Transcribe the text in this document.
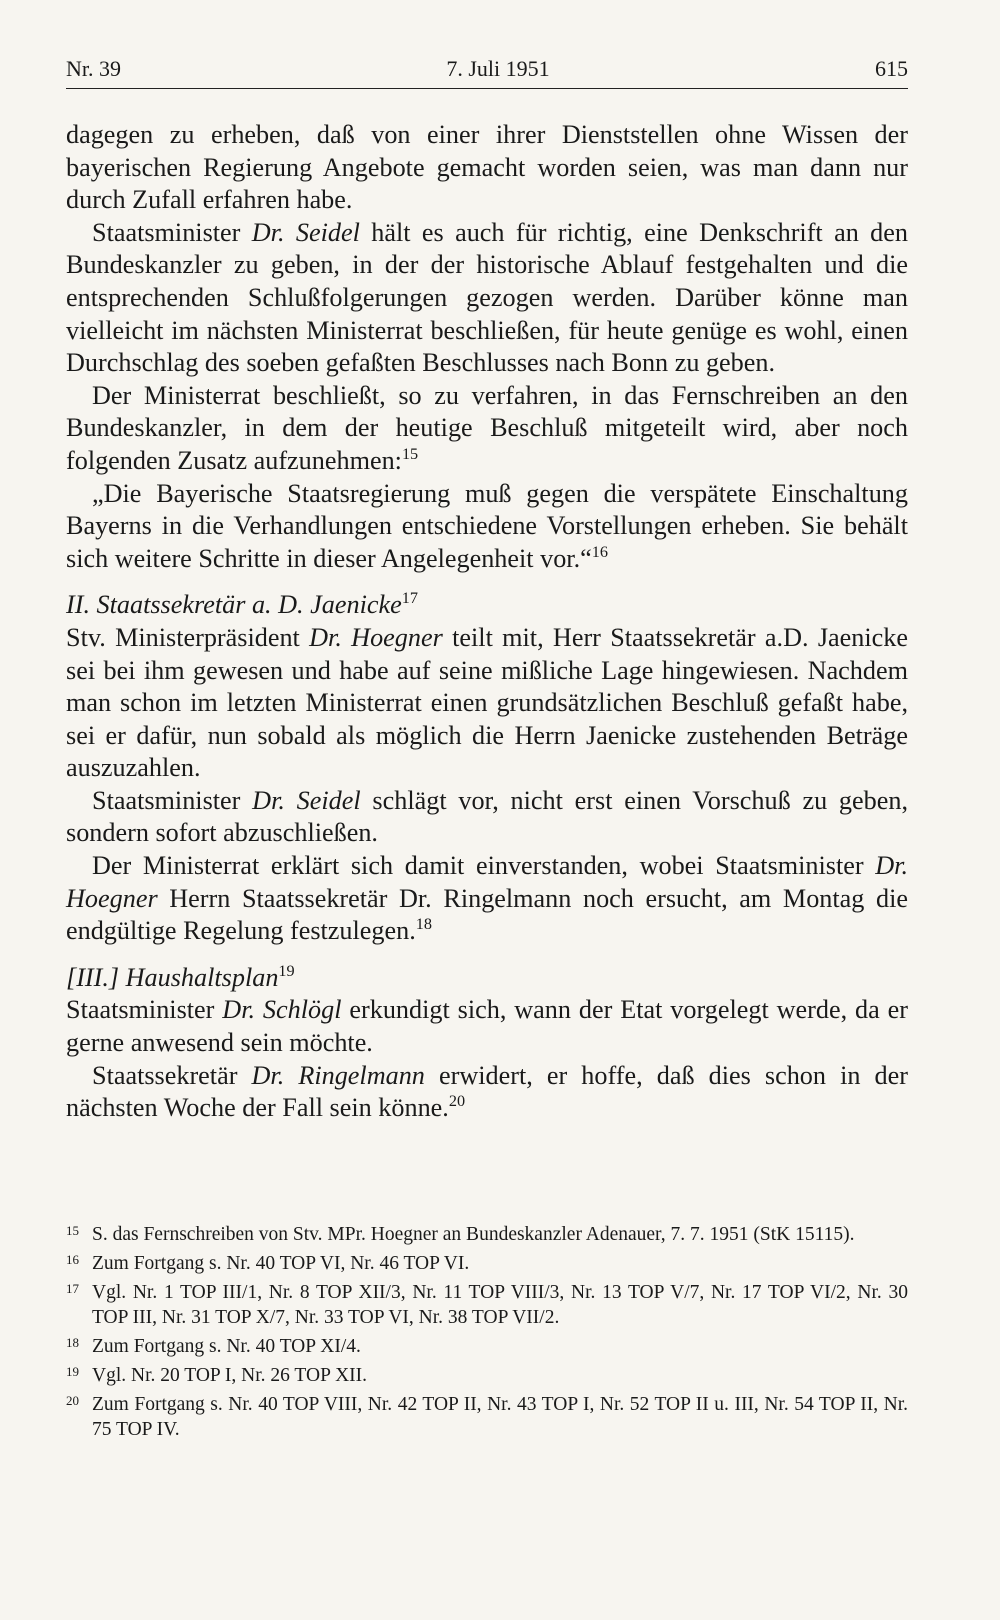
Nr. 39	7. Juli 1951	615

dagegen zu erheben, daß von einer ihrer Dienststellen ohne Wissen der bayerischen Regierung Angebote gemacht worden seien, was man dann nur durch Zufall erfahren habe.

Staatsminister Dr. Seidel hält es auch für richtig, eine Denkschrift an den Bundeskanzler zu geben, in der der historische Ablauf festgehalten und die entsprechenden Schlußfolgerungen gezogen werden. Darüber könne man vielleicht im nächsten Ministerrat beschließen, für heute genüge es wohl, einen Durchschlag des soeben gefaßten Beschlusses nach Bonn zu geben.

Der Ministerrat beschließt, so zu verfahren, in das Fernschreiben an den Bundeskanzler, in dem der heutige Beschluß mitgeteilt wird, aber noch folgenden Zusatz aufzunehmen:$^{15}$

„Die Bayerische Staatsregierung muß gegen die verspätete Einschaltung Bayerns in die Verhandlungen entschiedene Vorstellungen erheben. Sie behält sich weitere Schritte in dieser Angelegenheit vor.“$^{16}$

II. Staatssekretär a. D. Jaenicke$^{17}$

Stv. Ministerpräsident Dr. Hoegner teilt mit, Herr Staatssekretär a.D. Jaenicke sei bei ihm gewesen und habe auf seine mißliche Lage hingewiesen. Nachdem man schon im letzten Ministerrat einen grundsätzlichen Beschluß gefaßt habe, sei er dafür, nun sobald als möglich die Herrn Jaenicke zustehenden Beträge auszuzahlen.

Staatsminister Dr. Seidel schlägt vor, nicht erst einen Vorschuß zu geben, sondern sofort abzuschließen.

Der Ministerrat erklärt sich damit einverstanden, wobei Staatsminister Dr. Hoegner Herrn Staatssekretär Dr. Ringelmann noch ersucht, am Montag die endgültige Regelung festzulegen.$^{18}$

[III.] Haushaltsplan$^{19}$

Staatsminister Dr. Schlögl erkundigt sich, wann der Etat vorgelegt werde, da er gerne anwesend sein möchte.

Staatssekretär Dr. Ringelmann erwidert, er hoffe, daß dies schon in der nächsten Woche der Fall sein könne.$^{20}$

15 S. das Fernschreiben von Stv. MPr. Hoegner an Bundeskanzler Adenauer, 7. 7. 1951 (StK 15115).
16 Zum Fortgang s. Nr. 40 TOP VI, Nr. 46 TOP VI.
17 Vgl. Nr. 1 TOP III/1, Nr. 8 TOP XII/3, Nr. 11 TOP VIII/3, Nr. 13 TOP V/7, Nr. 17 TOP VI/2, Nr. 30 TOP III, Nr. 31 TOP X/7, Nr. 33 TOP VI, Nr. 38 TOP VII/2.
18 Zum Fortgang s. Nr. 40 TOP XI/4.
19 Vgl. Nr. 20 TOP I, Nr. 26 TOP XII.
20 Zum Fortgang s. Nr. 40 TOP VIII, Nr. 42 TOP II, Nr. 43 TOP I, Nr. 52 TOP II u. III, Nr. 54 TOP II, Nr. 75 TOP IV.
